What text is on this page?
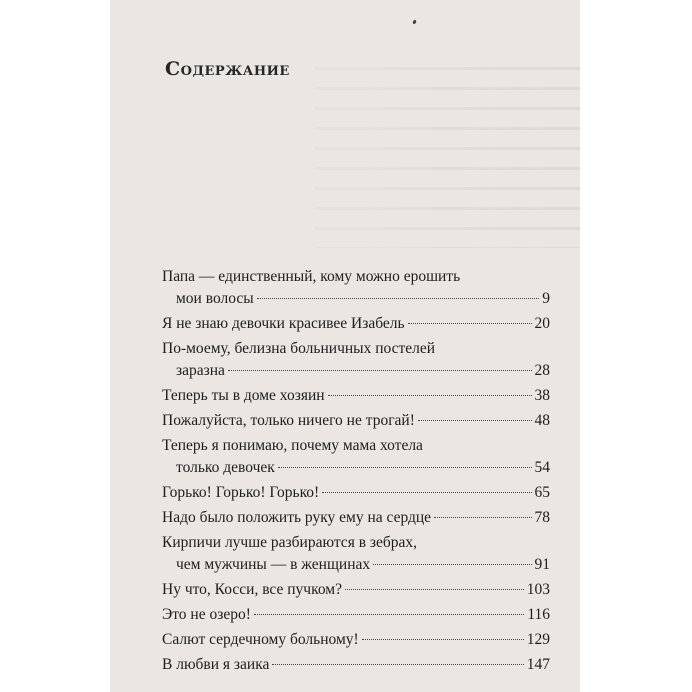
Содержание
Папа — единственный, кому можно ерошить
мои волосы	9
Я не знаю девочки красивее Изабель	20
По-моему, белизна больничных постелей
заразна	28
Теперь ты в доме хозяин	38
Пожалуйста, только ничего не трогай!	48
Теперь я понимаю, почему мама хотела
только девочек	54
Горько! Горько! Горько!	65
Надо было положить руку ему на сердце	78
Кирпичи лучше разбираются в зебрах,
чем мужчины — в женщинах	91
Ну что, Косси, все пучком?	103
Это не озеро!	116
Салют сердечному больному!	129
В любви я заика	147
